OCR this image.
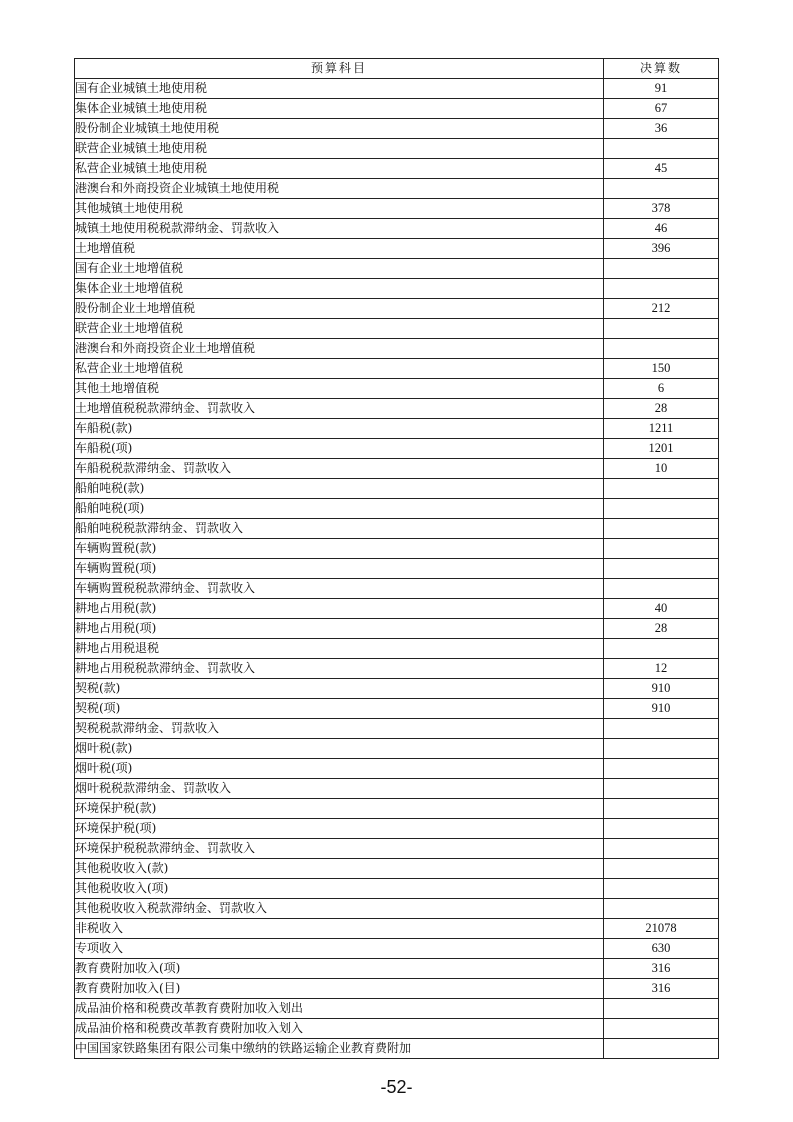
预算科目	决算数
国有企业城镇土地使用税	91
集体企业城镇土地使用税	67
股份制企业城镇土地使用税	36
联营企业城镇土地使用税	
私营企业城镇土地使用税	45
港澳台和外商投资企业城镇土地使用税	
其他城镇土地使用税	378
城镇土地使用税税款滞纳金、罚款收入	46
土地增值税	396
国有企业土地增值税	
集体企业土地增值税	
股份制企业土地增值税	212
联营企业土地增值税	
港澳台和外商投资企业土地增值税	
私营企业土地增值税	150
其他土地增值税	6
土地增值税税款滞纳金、罚款收入	28
车船税(款)	1211
车船税(项)	1201
车船税税款滞纳金、罚款收入	10
船舶吨税(款)	
船舶吨税(项)	
船舶吨税税款滞纳金、罚款收入	
车辆购置税(款)	
车辆购置税(项)	
车辆购置税税款滞纳金、罚款收入	
耕地占用税(款)	40
耕地占用税(项)	28
耕地占用税退税	
耕地占用税税款滞纳金、罚款收入	12
契税(款)	910
契税(项)	910
契税税款滞纳金、罚款收入	
烟叶税(款)	
烟叶税(项)	
烟叶税税款滞纳金、罚款收入	
环境保护税(款)	
环境保护税(项)	
环境保护税税款滞纳金、罚款收入	
其他税收收入(款)	
其他税收收入(项)	
其他税收收入税款滞纳金、罚款收入	
非税收入	21078
专项收入	630
教育费附加收入(项)	316
教育费附加收入(目)	316
成品油价格和税费改革教育费附加收入划出	
成品油价格和税费改革教育费附加收入划入	
中国国家铁路集团有限公司集中缴纳的铁路运输企业教育费附加	
-52-
